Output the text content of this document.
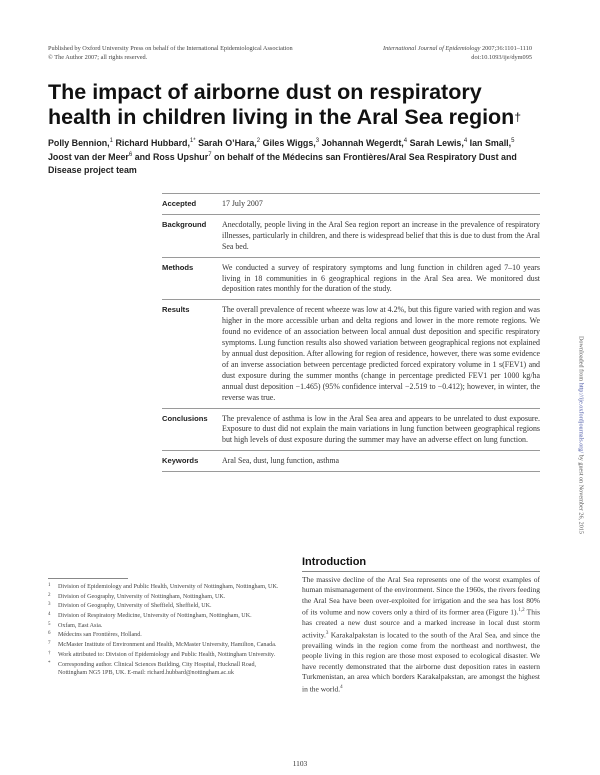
Published by Oxford University Press on behalf of the International Epidemiological Association
© The Author 2007; all rights reserved.
International Journal of Epidemiology 2007;36:1101–1110
doi:10.1093/ije/dym095
The impact of airborne dust on respiratory health in children living in the Aral Sea region†
Polly Bennion,$^1$ Richard Hubbard,$^{1*}$ Sarah O’Hara,$^2$ Giles Wiggs,$^3$ Johannah Wegerdt,$^4$ Sarah Lewis,$^4$ Ian Small,$^5$ Joost van der Meer$^6$ and Ross Upshur$^7$ on behalf of the Médecins san Frontières/Aral Sea Respiratory Dust and Disease project team
Accepted	17 July 2007
Background	Anecdotally, people living in the Aral Sea region report an increase in the prevalence of respiratory illnesses, particularly in children, and there is widespread belief that this is due to dust from the Aral Sea bed.
Methods	We conducted a survey of respiratory symptoms and lung function in children aged 7–10 years living in 18 communities in 6 geographical regions in the Aral Sea area. We monitored dust deposition rates monthly for the duration of the study.
Results	The overall prevalence of recent wheeze was low at 4.2%, but this figure varied with region and was higher in the more accessible urban and delta regions and lower in the more remote regions. We found no evidence of an association between local annual dust deposition and specific respiratory symptoms. Lung function results also showed variation between geographical regions not explained by annual dust deposition. After allowing for region of residence, however, there was some evidence of an inverse association between percentage predicted forced expiratory volume in 1 s(FEV1) and dust exposure during the summer months (change in percentage predicted FEV1 per 1000 kg/ha annual dust deposition −1.465) (95% confidence interval −2.519 to −0.412); however, in winter, the reverse was true.
Conclusions	The prevalence of asthma is low in the Aral Sea area and appears to be unrelated to dust exposure. Exposure to dust did not explain the main variations in lung function between geographical regions but high levels of dust exposure during the summer may have an adverse effect on lung function.
Keywords	Aral Sea, dust, lung function, asthma
Downloaded from http://ije.oxfordjournals.org/ by guest on November 26, 2015
Introduction
The massive decline of the Aral Sea represents one of the worst examples of human mismanagement of the environment. Since the 1960s, the rivers feeding the Aral Sea have been over-exploited for irrigation and the sea has lost 80% of its volume and now covers only a third of its former area (Figure 1).$^{1,2}$ This has created a new dust source and a marked increase in local dust storm activity.$^3$ Karakalpakstan is located to the south of the Aral Sea, and since the prevailing winds in the region come from the northeast and northwest, the people living in this region are those most exposed to ecological disaster. We have recently demonstrated that the airborne dust deposition rates in eastern Turkmenistan, an area which borders Karakalpakstan, are amongst the highest in the world.$^4$
1	Division of Epidemiology and Public Health, University of Nottingham, Nottingham, UK.
2	Division of Geography, University of Nottingham, Nottingham, UK.
3	Division of Geography, University of Sheffield, Sheffield, UK.
4	Division of Respiratory Medicine, University of Nottingham, Nottingham, UK.
5	Oxfam, East Asia.
6	Médecins san Frontières, Holland.
7	McMaster Institute of Environment and Health, McMaster University, Hamilton, Canada.
†	Work attributed to: Division of Epidemiology and Public Health, Nottingham University.
*	Corresponding author. Clinical Sciences Building, City Hospital, Hucknall Road, Nottingham NG5 1PB, UK. E-mail: richard.hubbard@nottingham.ac.uk
1103
